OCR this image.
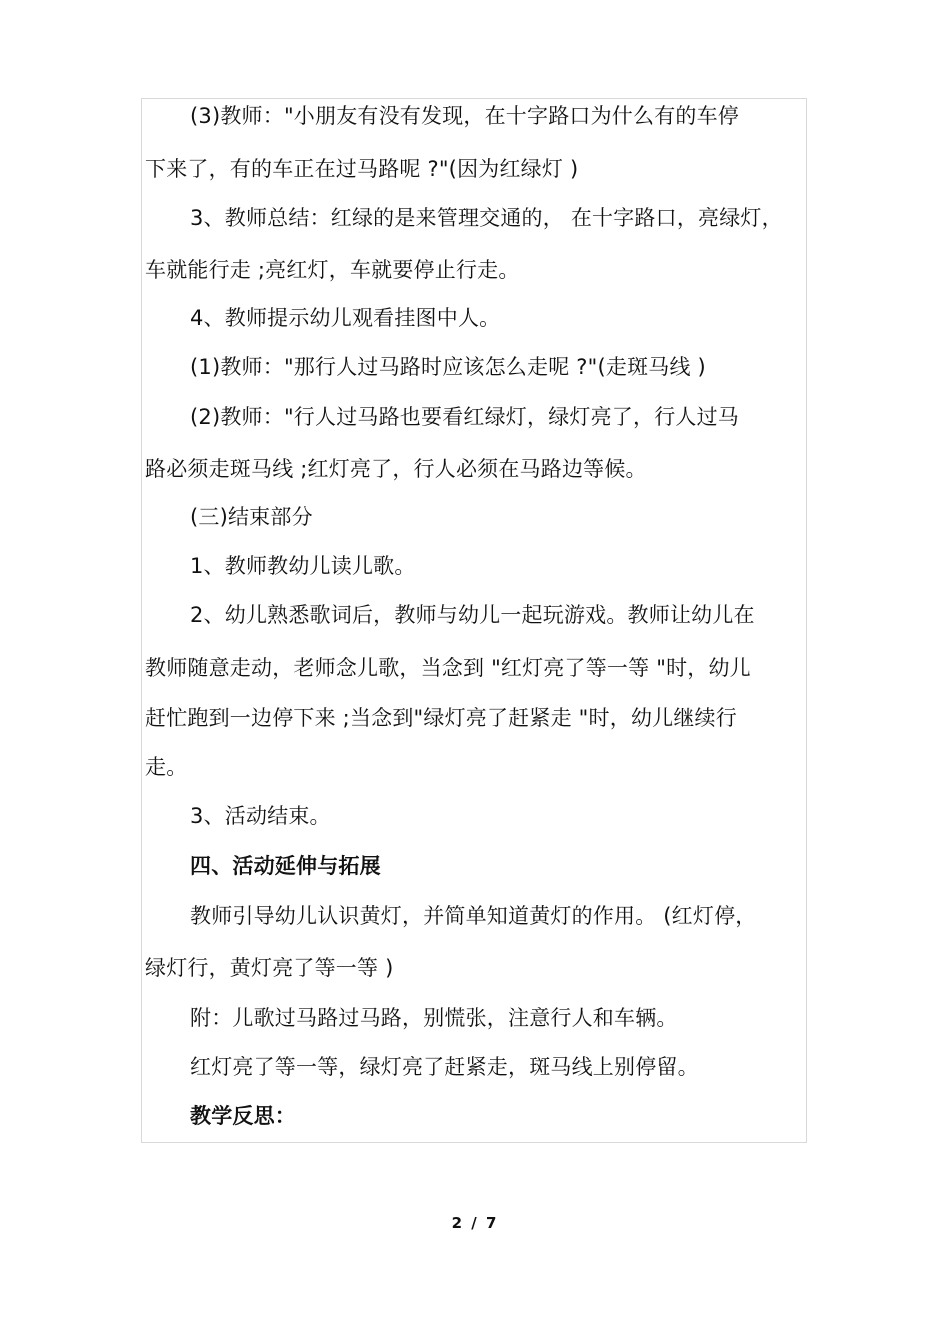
(3)教师："小朋友有没有发现，在十字路口为什么有的车停
下来了，有的车正在过马路呢 ?"(因为红绿灯 )
3、教师总结：红绿的是来管理交通的， 在十字路口，亮绿灯，
车就能行走 ;亮红灯，车就要停止行走。
4、教师提示幼儿观看挂图中人。
(1)教师："那行人过马路时应该怎么走呢 ?"(走斑马线 )
(2)教师："行人过马路也要看红绿灯，绿灯亮了，行人过马
路必须走斑马线 ;红灯亮了，行人必须在马路边等候。
(三)结束部分
1、教师教幼儿读儿歌。
2、幼儿熟悉歌词后，教师与幼儿一起玩游戏。教师让幼儿在
教师随意走动，老师念儿歌，当念到 "红灯亮了等一等 "时，幼儿
赶忙跑到一边停下来 ;当念到"绿灯亮了赶紧走 "时，幼儿继续行
走。
3、活动结束。
四、活动延伸与拓展
教师引导幼儿认识黄灯，并简单知道黄灯的作用。 (红灯停，
绿灯行，黄灯亮了等一等 )
附：儿歌过马路过马路，别慌张，注意行人和车辆。
红灯亮了等一等，绿灯亮了赶紧走，斑马线上别停留。
教学反思：
2 / 7
